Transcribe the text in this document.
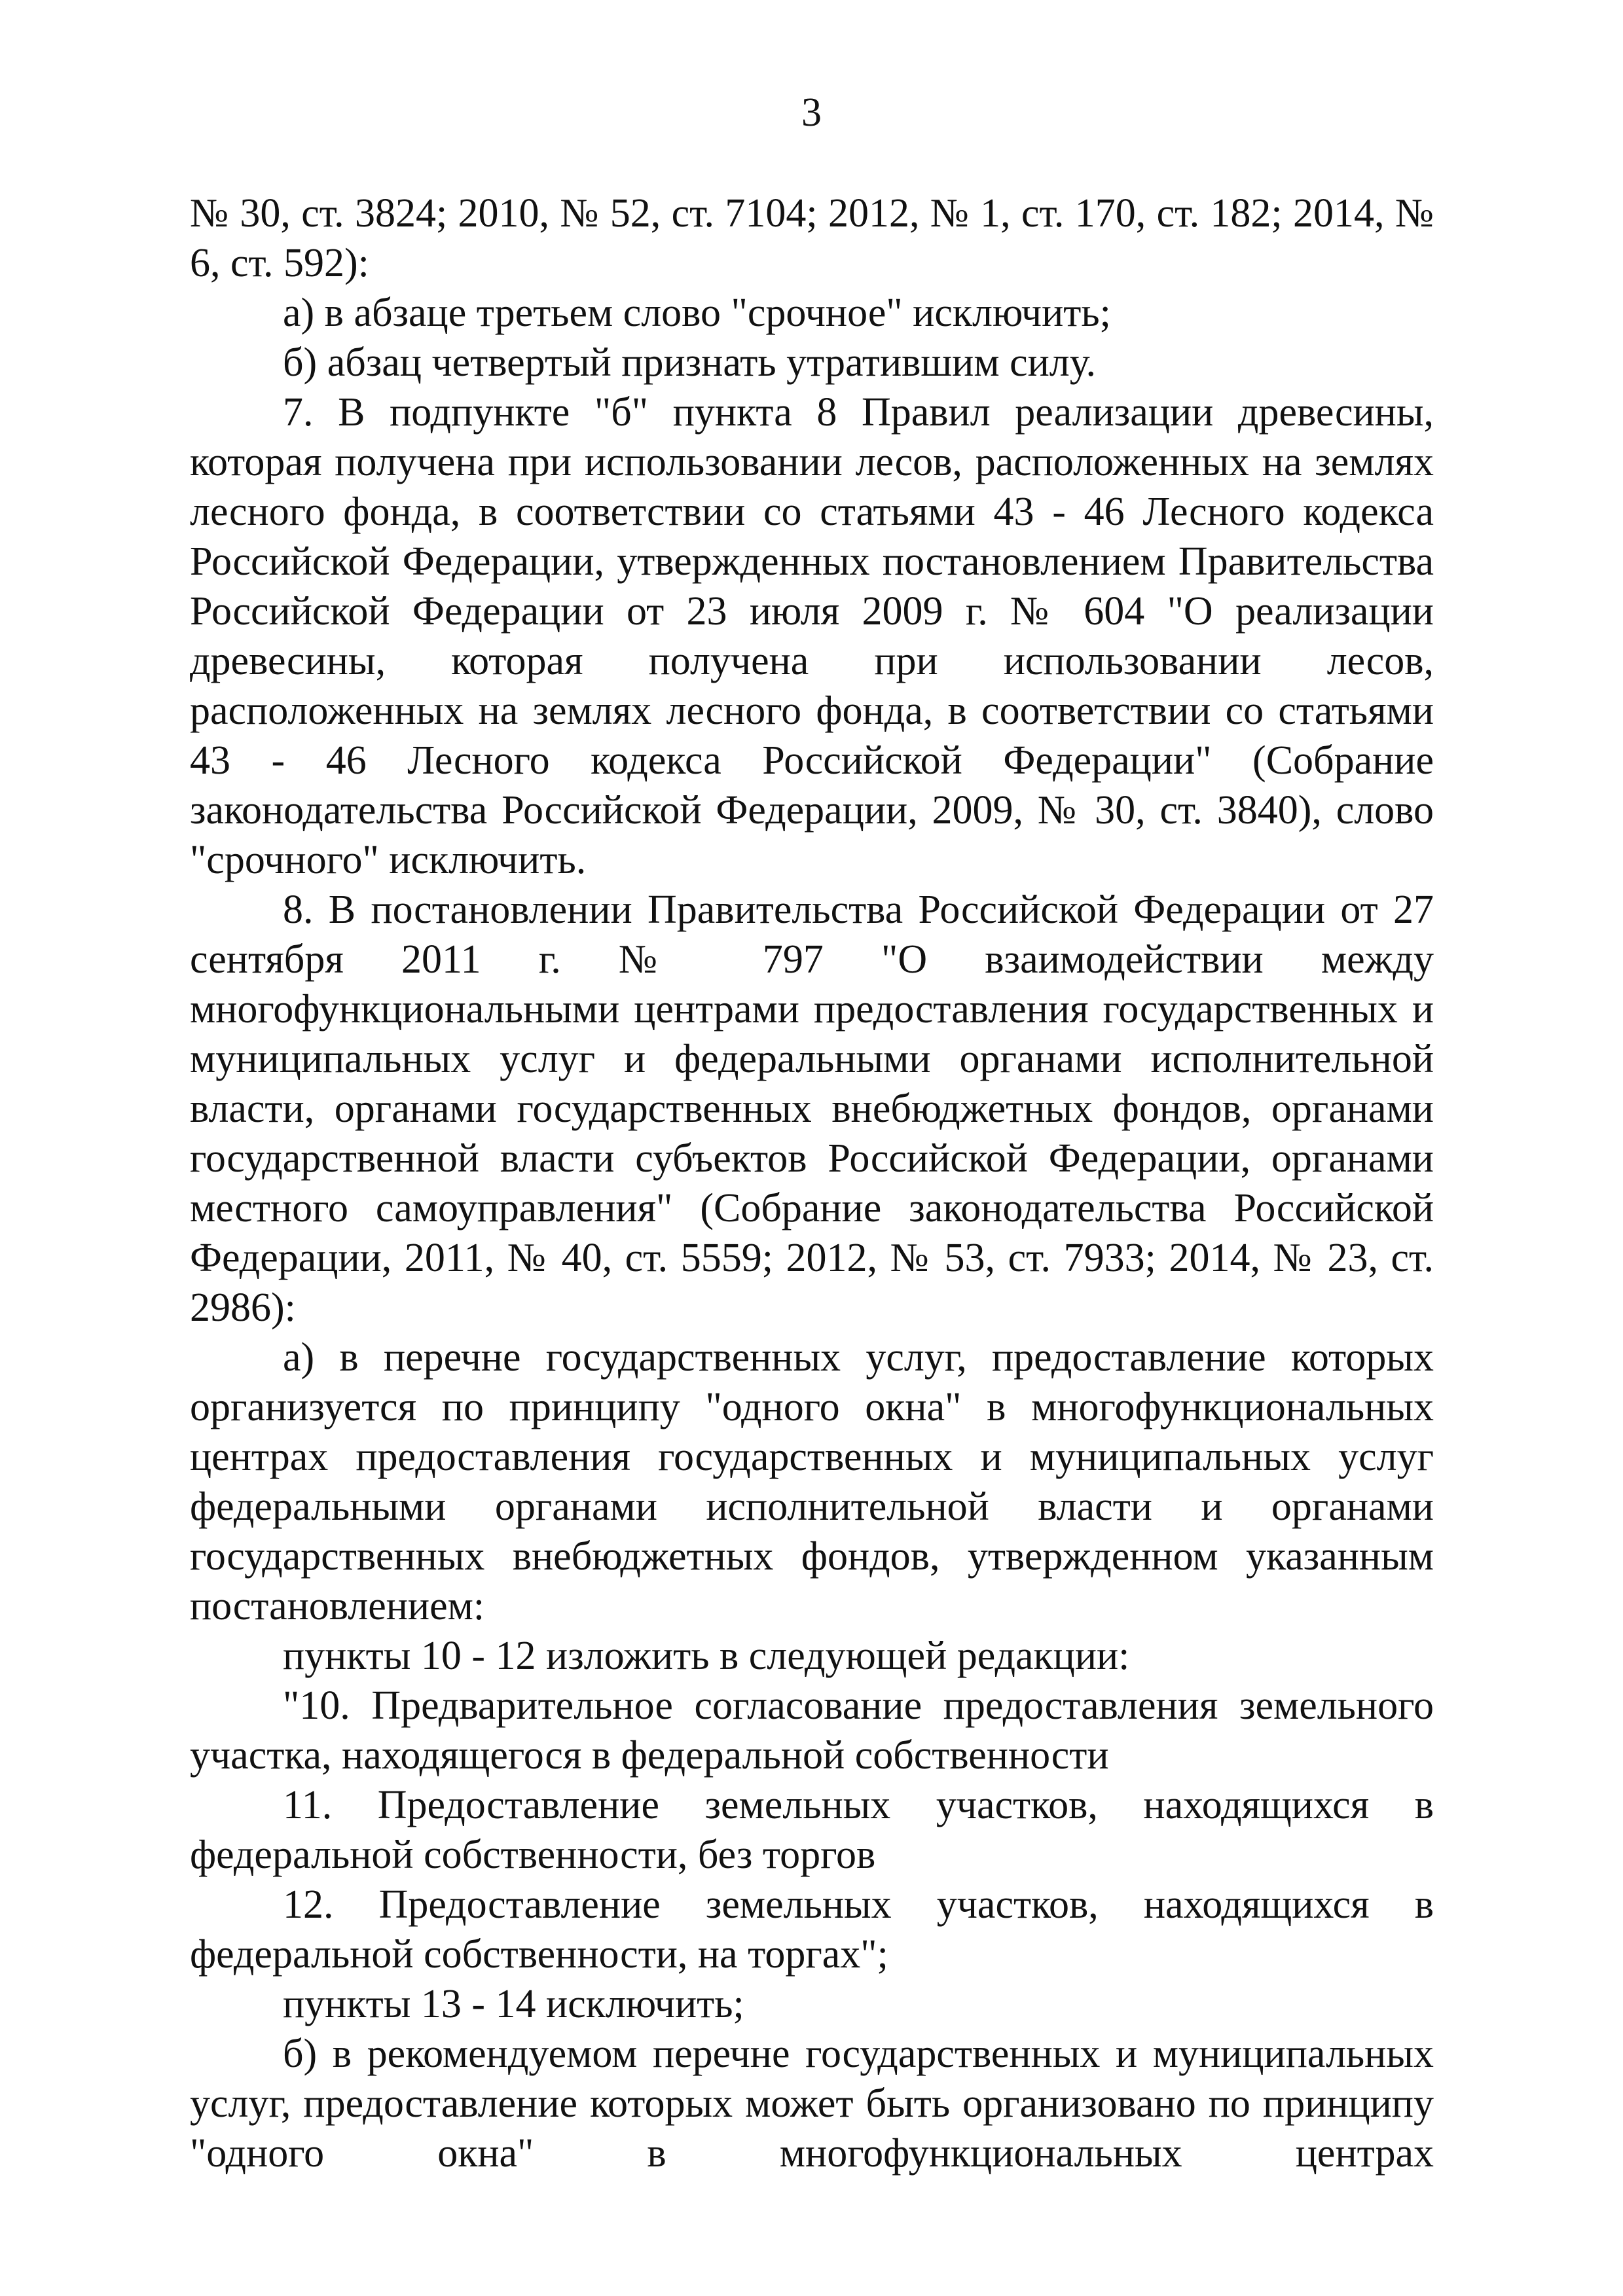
3

№ 30, ст. 3824; 2010, № 52, ст. 7104; 2012, № 1, ст. 170, ст. 182; 2014, № 6, ст. 592):

а) в абзаце третьем слово "срочное" исключить;

б) абзац четвертый признать утратившим силу.

7. В подпункте "б" пункта 8 Правил реализации древесины, которая получена при использовании лесов, расположенных на землях лесного фонда, в соответствии со статьями 43 - 46 Лесного кодекса Российской Федерации, утвержденных постановлением Правительства Российской Федерации от 23 июля 2009 г. № 604 "О реализации древесины, которая получена при использовании лесов, расположенных на землях лесного фонда, в соответствии со статьями 43 - 46 Лесного кодекса Российской Федерации" (Собрание законодательства Российской Федерации, 2009, № 30, ст. 3840), слово "срочного" исключить.

8. В постановлении Правительства Российской Федерации от 27 сентября 2011 г. № 797 "О взаимодействии между многофункциональными центрами предоставления государственных и муниципальных услуг и федеральными органами исполнительной власти, органами государственных внебюджетных фондов, органами государственной власти субъектов Российской Федерации, органами местного самоуправления" (Собрание законодательства Российской Федерации, 2011, № 40, ст. 5559; 2012, № 53, ст. 7933; 2014, № 23, ст. 2986):

а) в перечне государственных услуг, предоставление которых организуется по принципу "одного окна" в многофункциональных центрах предоставления государственных и муниципальных услуг федеральными органами исполнительной власти и органами государственных внебюджетных фондов, утвержденном указанным постановлением:

пункты 10 - 12 изложить в следующей редакции:

"10. Предварительное согласование предоставления земельного участка, находящегося в федеральной собственности

11. Предоставление земельных участков, находящихся в федеральной собственности, без торгов

12. Предоставление земельных участков, находящихся в федеральной собственности, на торгах";

пункты 13 - 14 исключить;

б) в рекомендуемом перечне государственных и муниципальных услуг, предоставление которых может быть организовано по принципу "одного окна" в многофункциональных центрах
